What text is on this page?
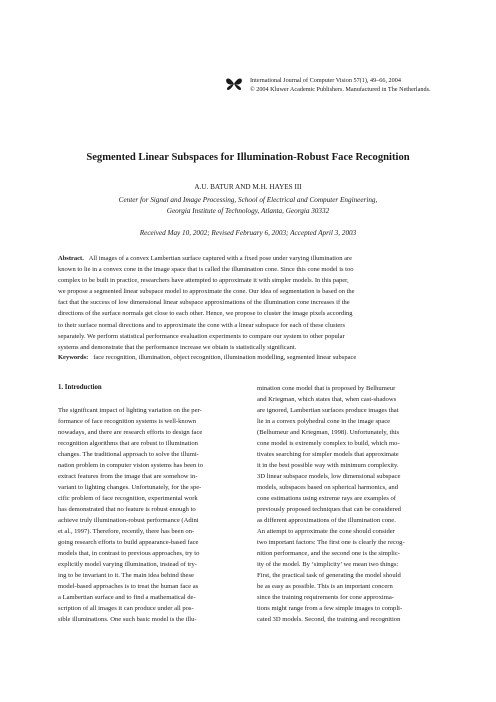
International Journal of Computer Vision 57(1), 49–66, 2004
© 2004 Kluwer Academic Publishers. Manufactured in The Netherlands.
Segmented Linear Subspaces for Illumination-Robust Face Recognition
A.U. BATUR AND M.H. HAYES III
Center for Signal and Image Processing, School of Electrical and Computer Engineering,
Georgia Institute of Technology, Atlanta, Georgia 30332
Received May 10, 2002; Revised February 6, 2003; Accepted April 3, 2003
Abstract. All images of a convex Lambertian surface captured with a fixed pose under varying illumination are
known to lie in a convex cone in the image space that is called the illumination cone. Since this cone model is too
complex to be built in practice, researchers have attempted to approximate it with simpler models. In this paper,
we propose a segmented linear subspace model to approximate the cone. Our idea of segmentation is based on the
fact that the success of low dimensional linear subspace approximations of the illumination cone increases if the
directions of the surface normals get close to each other. Hence, we propose to cluster the image pixels according
to their surface normal directions and to approximate the cone with a linear subspace for each of these clusters
separately. We perform statistical performance evaluation experiments to compare our system to other popular
systems and demonstrate that the performance increase we obtain is statistically significant.
Keywords: face recognition, illumination, object recognition, illumination modelling, segmented linear subspace
1. Introduction
The significant impact of lighting variation on the per-
formance of face recognition systems is well-known
nowadays, and there are research efforts to design face
recognition algorithms that are robust to illumination
changes. The traditional approach to solve the illumi-
nation problem in computer vision systems has been to
extract features from the image that are somehow in-
variant to lighting changes. Unfortunately, for the spe-
cific problem of face recognition, experimental work
has demonstrated that no feature is robust enough to
achieve truly illumination-robust performance (Adini
et al., 1997). Therefore, recently, there has been on-
going research efforts to build appearance-based face
models that, in contrast to previous approaches, try to
explicitly model varying illumination, instead of try-
ing to be invariant to it. The main idea behind these
model-based approaches is to treat the human face as
a Lambertian surface and to find a mathematical de-
scription of all images it can produce under all pos-
sible illuminations. One such basic model is the illu-
mination cone model that is proposed by Belhumeur
and Kriegman, which states that, when cast-shadows
are ignored, Lambertian surfaces produce images that
lie in a convex polyhedral cone in the image space
(Belhumeur and Kriegman, 1998). Unfortunately, this
cone model is extremely complex to build, which mo-
tivates searching for simpler models that approximate
it in the best possible way with minimum complexity.
3D linear subspace models, low dimensional subspace
models, subspaces based on spherical harmonics, and
cone estimations using extreme rays are examples of
previously proposed techniques that can be considered
as different approximations of the illumination cone.
An attempt to approximate the cone should consider
two important factors: The first one is clearly the recog-
nition performance, and the second one is the simplic-
ity of the model. By ‘simplicity’ we mean two things:
First, the practical task of generating the model should
be as easy as possible. This is an important concern
since the training requirements for cone approxima-
tions might range from a few simple images to compli-
cated 3D models. Second, the training and recognition
